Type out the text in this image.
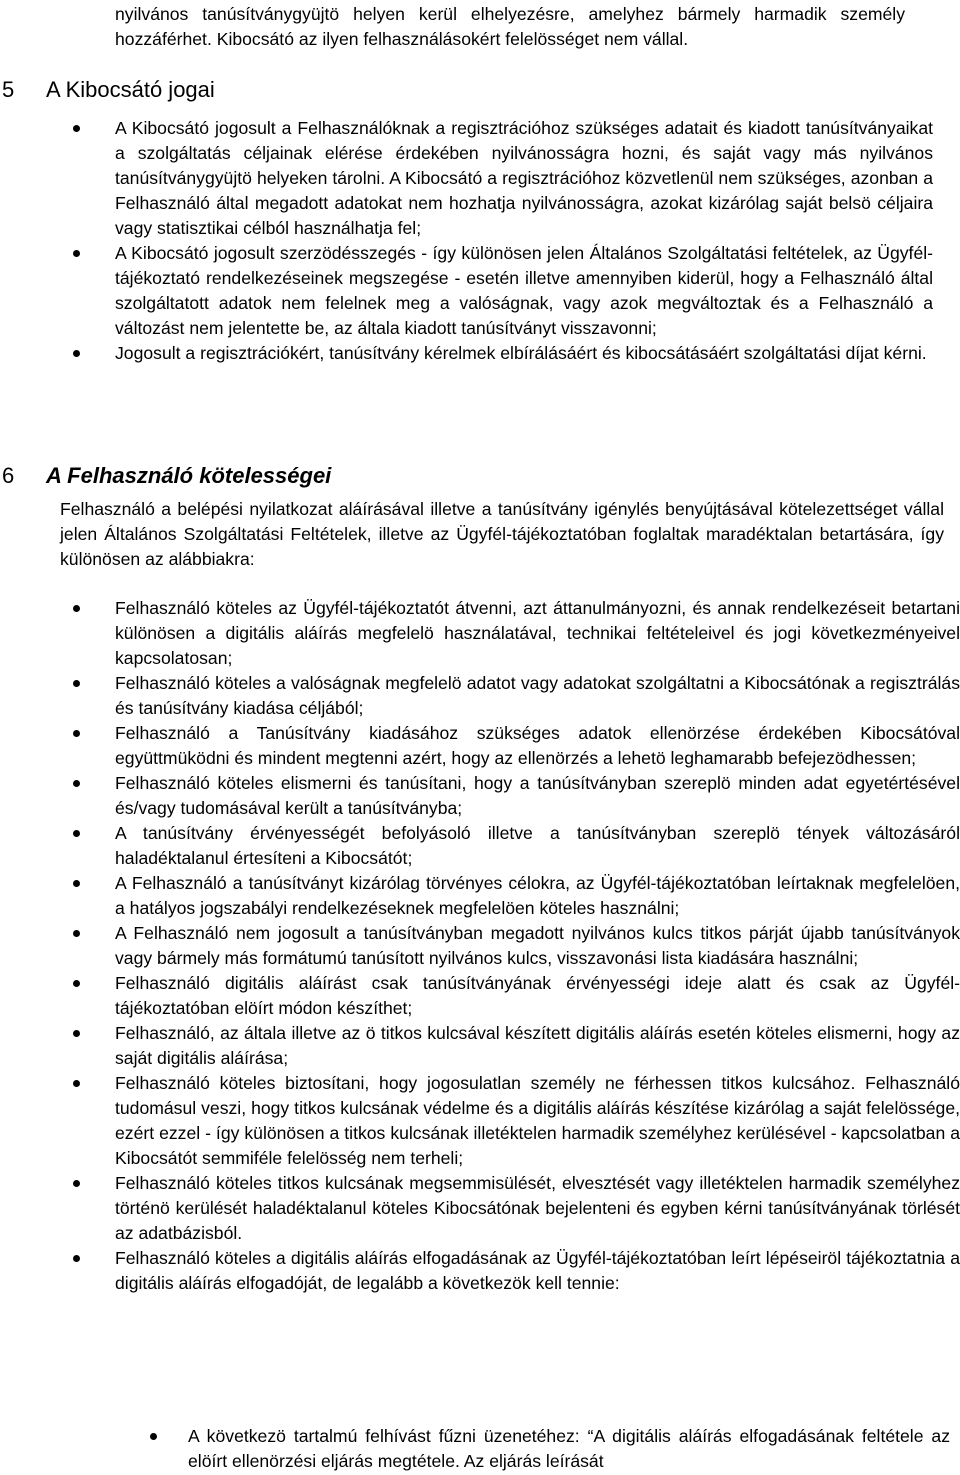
nyilvános tanúsítványgyüjtö helyen kerül elhelyezésre, amelyhez bármely harmadik személy hozzáférhet. Kibocsátó az ilyen felhasználásokért felelösséget nem vállal.

5 A Kibocsátó jogai
A Kibocsátó jogosult a Felhasználóknak a regisztrációhoz szükséges adatait és kiadott tanúsítványaikat a szolgáltatás céljainak elérése érdekében nyilvánosságra hozni, és saját vagy más nyilvános tanúsítványgyüjtö helyeken tárolni. A Kibocsátó a regisztrációhoz közvetlenül nem szükséges, azonban a Felhasználó által megadott adatokat nem hozhatja nyilvánosságra, azokat kizárólag saját belsö céljaira vagy statisztikai célból használhatja fel;
A Kibocsátó jogosult szerzödésszegés - így különösen jelen Általános Szolgáltatási feltételek, az Ügyfél-tájékoztató rendelkezéseinek megszegése - esetén illetve amennyiben kiderül, hogy a Felhasználó által szolgáltatott adatok nem felelnek meg a valóságnak, vagy azok megváltoztak és a Felhasználó a változást nem jelentette be, az általa kiadott tanúsítványt visszavonni;
Jogosult a regisztrációkért, tanúsítvány kérelmek elbírálásáért és kibocsátásáért szolgáltatási díjat kérni.
6 A Felhasználó kötelességei

Felhasználó a belépési nyilatkozat aláírásával illetve a tanúsítvány igénylés benyújtásával kötelezettséget vállal jelen Általános Szolgáltatási Feltételek, illetve az Ügyfél-tájékoztatóban foglaltak maradéktalan betartására, így különösen az alábbiakra:

Felhasználó köteles az Ügyfél-tájékoztatót átvenni, azt áttanulmányozni, és annak rendelkezéseit betartani különösen a digitális aláírás megfelelö használatával, technikai feltételeivel és jogi következményeivel kapcsolatosan;
Felhasználó köteles a valóságnak megfelelö adatot vagy adatokat szolgáltatni a Kibocsátónak a regisztrálás és tanúsítvány kiadása céljából;
Felhasználó a Tanúsítvány kiadásához szükséges adatok ellenörzése érdekében Kibocsátóval együttmüködni és mindent megtenni azért, hogy az ellenörzés a lehetö leghamarabb befejezödhessen;
Felhasználó köteles elismerni és tanúsítani, hogy a tanúsítványban szereplö minden adat egyetértésével és/vagy tudomásával került a tanúsítványba;
A tanúsítvány érvényességét befolyásoló illetve a tanúsítványban szereplö tények változásáról haladéktalanul értesíteni a Kibocsátót;
A Felhasználó a tanúsítványt kizárólag törvényes célokra, az Ügyfél-tájékoztatóban leírtaknak megfelelöen, a hatályos jogszabályi rendelkezéseknek megfelelöen köteles használni;
A Felhasználó nem jogosult a tanúsítványban megadott nyilvános kulcs titkos párját újabb tanúsítványok vagy bármely más formátumú tanúsított nyilvános kulcs, visszavonási lista kiadására használni;
Felhasználó digitális aláírást csak tanúsítványának érvényességi ideje alatt és csak az Ügyfél-tájékoztatóban elöírt módon készíthet;
Felhasználó, az általa illetve az ö titkos kulcsával készített digitális aláírás esetén köteles elismerni, hogy az saját digitális aláírása;
Felhasználó köteles biztosítani, hogy jogosulatlan személy ne férhessen titkos kulcsához. Felhasználó tudomásul veszi, hogy titkos kulcsának védelme és a digitális aláírás készítése kizárólag a saját felelössége, ezért ezzel - így különösen a titkos kulcsának illetéktelen harmadik személyhez kerülésével - kapcsolatban a Kibocsátót semmiféle felelösség nem terheli;
Felhasználó köteles titkos kulcsának megsemmisülését, elvesztését vagy illetéktelen harmadik személyhez történö kerülését haladéktalanul köteles Kibocsátónak bejelenteni és egyben kérni tanúsítványának törlését az adatbázisból.
Felhasználó köteles a digitális aláírás elfogadásának az Ügyfél-tájékoztatóban leírt lépéseiröl tájékoztatnia a digitális aláírás elfogadóját, de legalább a következök kell tennie:
A következö tartalmú felhívást fűzni üzenetéhez: “A digitális aláírás elfogadásának feltétele az elöírt ellenörzési eljárás megtétele. Az eljárás leírását
